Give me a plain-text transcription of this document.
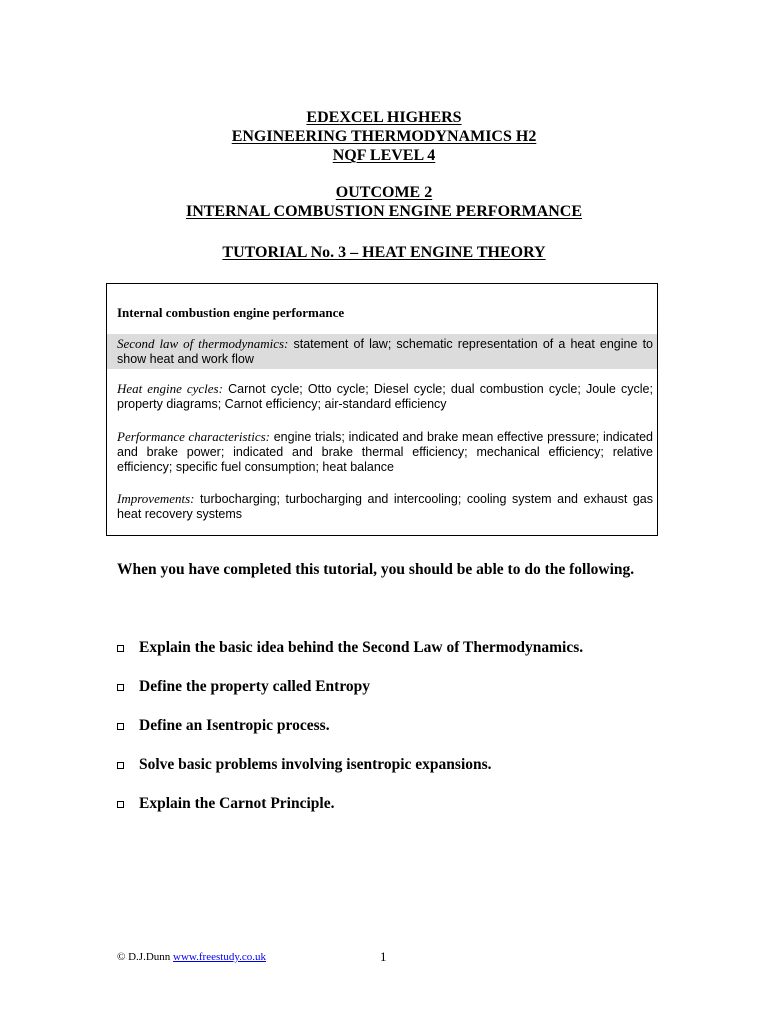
EDEXCEL HIGHERS
ENGINEERING THERMODYNAMICS H2
NQF LEVEL 4
OUTCOME 2
INTERNAL COMBUSTION ENGINE PERFORMANCE
TUTORIAL No. 3 – HEAT ENGINE THEORY
Internal combustion engine performance
Second law of thermodynamics: statement of law; schematic representation of a heat engine to show heat and work flow
Heat engine cycles: Carnot cycle; Otto cycle; Diesel cycle; dual combustion cycle; Joule cycle; property diagrams; Carnot efficiency; air-standard efficiency
Performance characteristics: engine trials; indicated and brake mean effective pressure; indicated and brake power; indicated and brake thermal efficiency; mechanical efficiency; relative efficiency; specific fuel consumption; heat balance
Improvements: turbocharging; turbocharging and intercooling; cooling system and exhaust gas heat recovery systems
When you have completed this tutorial, you should be able to do the following.
Explain the basic idea behind the Second Law of Thermodynamics.
Define the property called Entropy
Define an Isentropic process.
Solve basic problems involving isentropic expansions.
Explain the Carnot Principle.
© D.J.Dunn www.freestudy.co.uk	1
